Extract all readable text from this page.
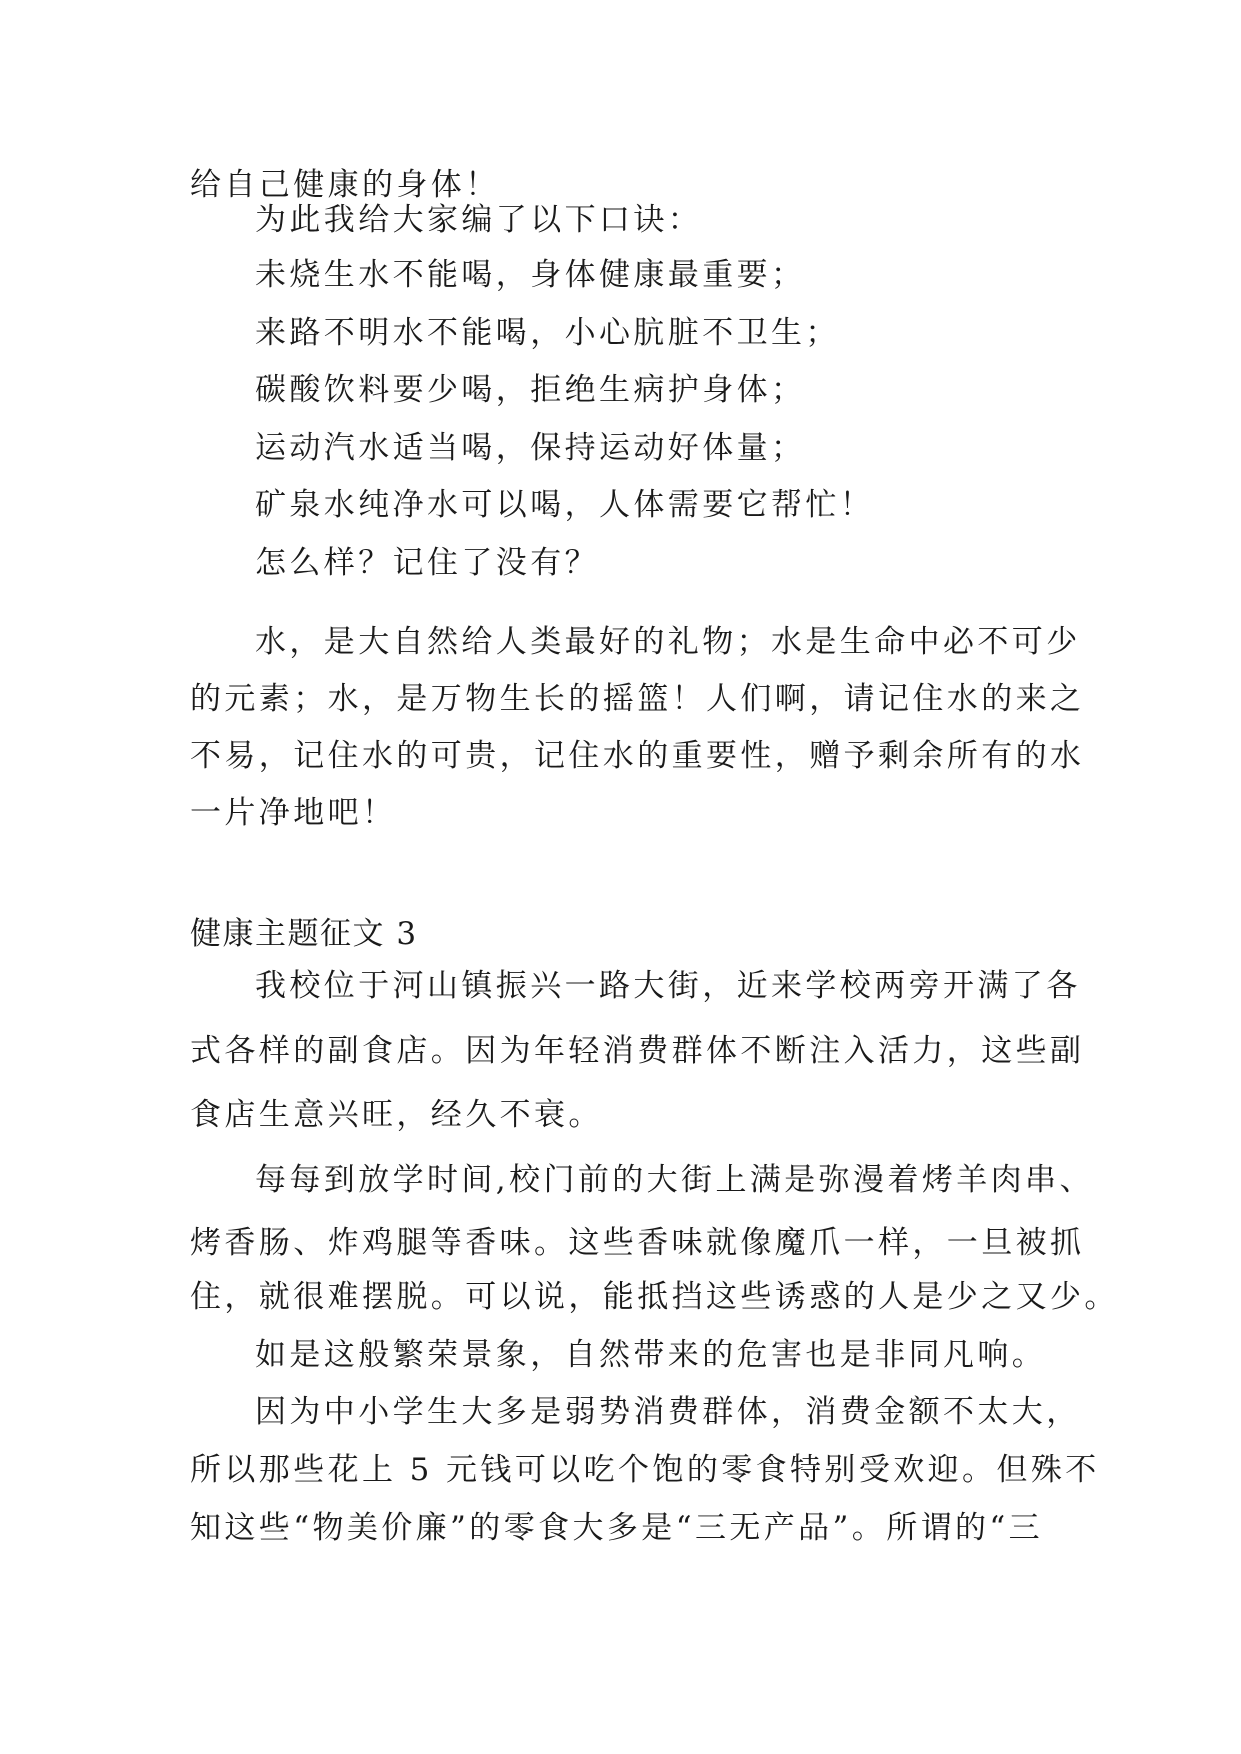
给自己健康的身体！
为此我给大家编了以下口诀：
未烧生水不能喝，身体健康最重要；
来路不明水不能喝，小心肮脏不卫生；
碳酸饮料要少喝，拒绝生病护身体；
运动汽水适当喝，保持运动好体量；
矿泉水纯净水可以喝，人体需要它帮忙！
怎么样？记住了没有？
水，是大自然给人类最好的礼物；水是生命中必不可少
的元素；水，是万物生长的摇篮！人们啊，请记住水的来之
不易，记住水的可贵，记住水的重要性，赠予剩余所有的水
一片净地吧！
健康主题征文 3
我校位于河山镇振兴一路大街，近来学校两旁开满了各
式各样的副食店。因为年轻消费群体不断注入活力，这些副
食店生意兴旺，经久不衰。
每每到放学时间,校门前的大街上满是弥漫着烤羊肉串、
烤香肠、炸鸡腿等香味。这些香味就像魔爪一样，一旦被抓
住，就很难摆脱。可以说，能抵挡这些诱惑的人是少之又少。
如是这般繁荣景象，自然带来的危害也是非同凡响。
因为中小学生大多是弱势消费群体，消费金额不太大，
所以那些花上 5 元钱可以吃个饱的零食特别受欢迎。但殊不
知这些“物美价廉”的零食大多是“三无产品”。所谓的“三
